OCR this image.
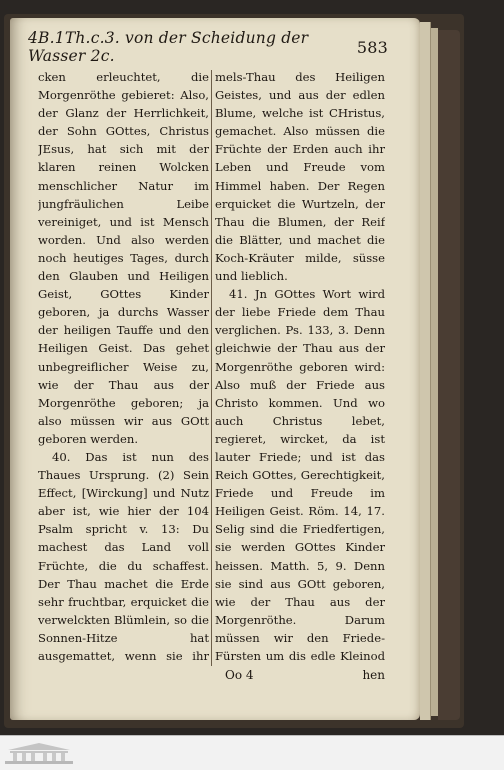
4B.1Th.c.3. von der Scheidung der Wasser 2c.	583

cken erleuchtet, die Morgenröthe gebieret: Also, der Glanz der Herrlichkeit, der Sohn GOttes, Christus JEsus, hat sich mit der klaren reinen Wolcken menschlicher Natur im jungfräulichen Leibe vereiniget, und ist Mensch worden. Und also werden noch heutiges Tages, durch den Glauben und Heiligen Geist, GOttes Kinder geboren, ja durchs Wasser der heiligen Tauffe und den Heiligen Geist. Das gehet unbegreiflicher Weise zu, wie der Thau aus der Morgenröthe geboren; ja also müssen wir aus GOtt geboren werden.

40. Das ist nun des Thaues Ursprung. (2) Sein Effect, [Wirckung] und Nutz aber ist, wie hier der 104 Psalm spricht v. 13: Du machest das Land voll Früchte, die du schaffest. Der Thau machet die Erde sehr fruchtbar, erquicket die verwelckten Blümlein, so die Sonnen-Hitze hat ausgemattet, wenn sie ihr

mels-Thau des Heiligen Geistes, und aus der edlen Blume, welche ist CHristus, gemachet. Also müssen die Früchte der Erden auch ihr Leben und Freude vom Himmel haben. Der Regen erquicket die Wurtzeln, der Thau die Blumen, der Reif die Blätter, und machet die Koch-Kräuter milde, süsse und lieblich.

41. Jn GOttes Wort wird der liebe Friede dem Thau verglichen. Ps. 133, 3. Denn gleichwie der Thau aus der Morgenröthe geboren wird: Also muß der Friede aus Christo kommen. Und wo auch Christus lebet, regieret, wircket, da ist lauter Friede; und ist das Reich GOttes, Gerechtigkeit, Friede und Freude im Heiligen Geist. Röm. 14, 17. Selig sind die Friedfertigen, sie werden GOttes Kinder heissen. Matth. 5, 9. Denn sie sind aus GOtt geboren, wie der Thau aus der Morgenröthe. Darum müssen wir den Friede-Fürsten um dis edle Kleinod

Oo 4	hen
